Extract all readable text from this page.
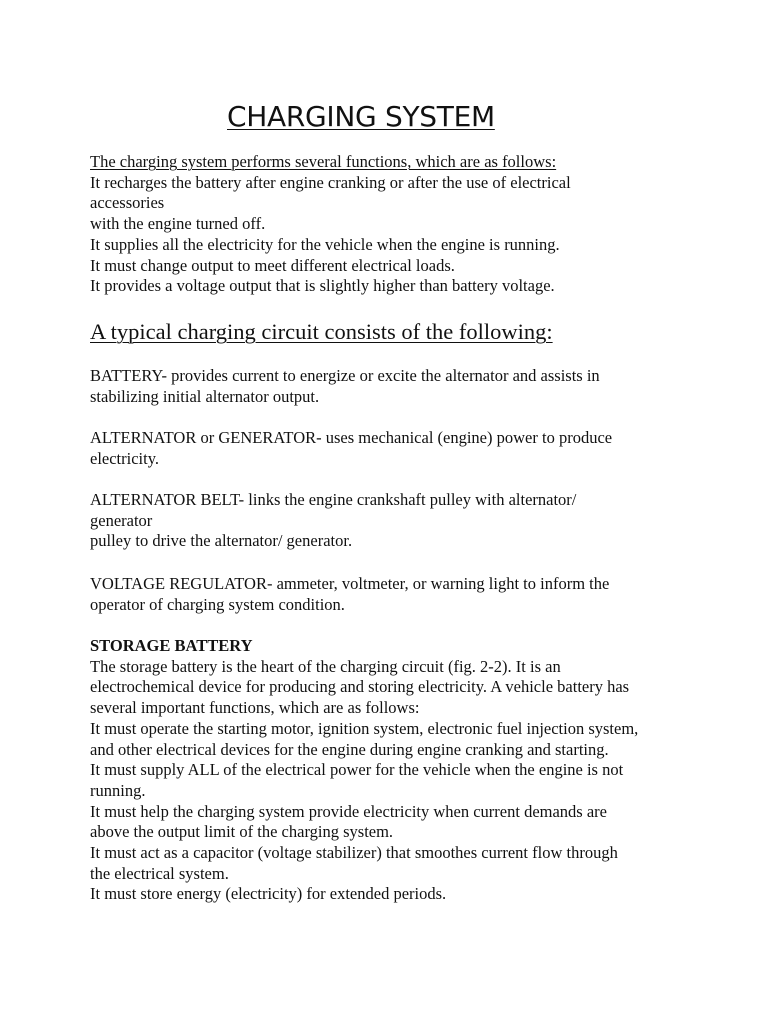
CHARGING SYSTEM
The charging system performs several functions, which are as follows:
It recharges the battery after engine cranking or after the use of electrical
accessories
with the engine turned off.
It supplies all the electricity for the vehicle when the engine is running.
It must change output to meet different electrical loads.
It provides a voltage output that is slightly higher than battery voltage.
A typical charging circuit consists of the following:
BATTERY- provides current to energize or excite the alternator and assists in
stabilizing initial alternator output.
ALTERNATOR or GENERATOR- uses mechanical (engine) power to produce
electricity.
ALTERNATOR BELT- links the engine crankshaft pulley with alternator/
generator
pulley to drive the alternator/ generator.
VOLTAGE REGULATOR- ammeter, voltmeter, or warning light to inform the
operator of charging system condition.
STORAGE BATTERY
The storage battery is the heart of the charging circuit (fig. 2-2). It is an
electrochemical device for producing and storing electricity. A vehicle battery has
several important functions, which are as follows:
It must operate the starting motor, ignition system, electronic fuel injection system,
and other electrical devices for the engine during engine cranking and starting.
It must supply ALL of the electrical power for the vehicle when the engine is not
running.
It must help the charging system provide electricity when current demands are
above the output limit of the charging system.
It must act as a capacitor (voltage stabilizer) that smoothes current flow through
the electrical system.
It must store energy (electricity) for extended periods.
